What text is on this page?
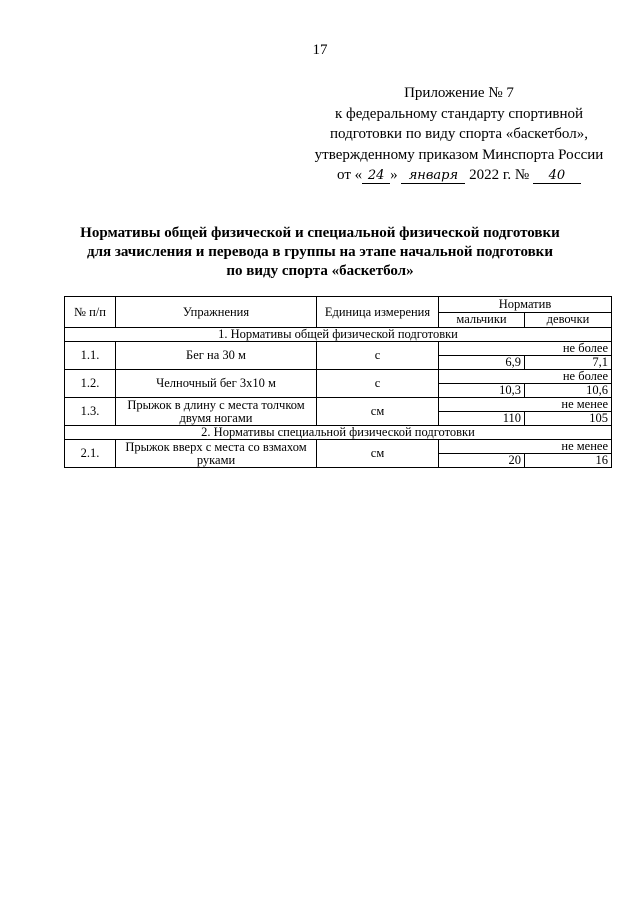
17
Приложение № 7
к федеральному стандарту спортивной
подготовки по виду спорта «баскетбол»,
утвержденному приказом Минспорта России
от « 24 » января 2022 г. № 40
Нормативы общей физической и специальной физической подготовки
для зачисления и перевода в группы на этапе начальной подготовки
по виду спорта «баскетбол»
№ п/п	Упражнения	Единица измерения	Норматив	
			мальчики	девочки
1. Нормативы общей физической подготовки				
1.1.	Бег на 30 м	с	не более	
			6,9	7,1
1.2.	Челночный бег 3х10 м	с	не более	
			10,3	10,6
1.3.	Прыжок в длину с места толчком двумя ногами	см	не менее	
			110	105
2. Нормативы специальной физической подготовки				
2.1.	Прыжок вверх с места со взмахом руками	см	не менее	
			20	16
